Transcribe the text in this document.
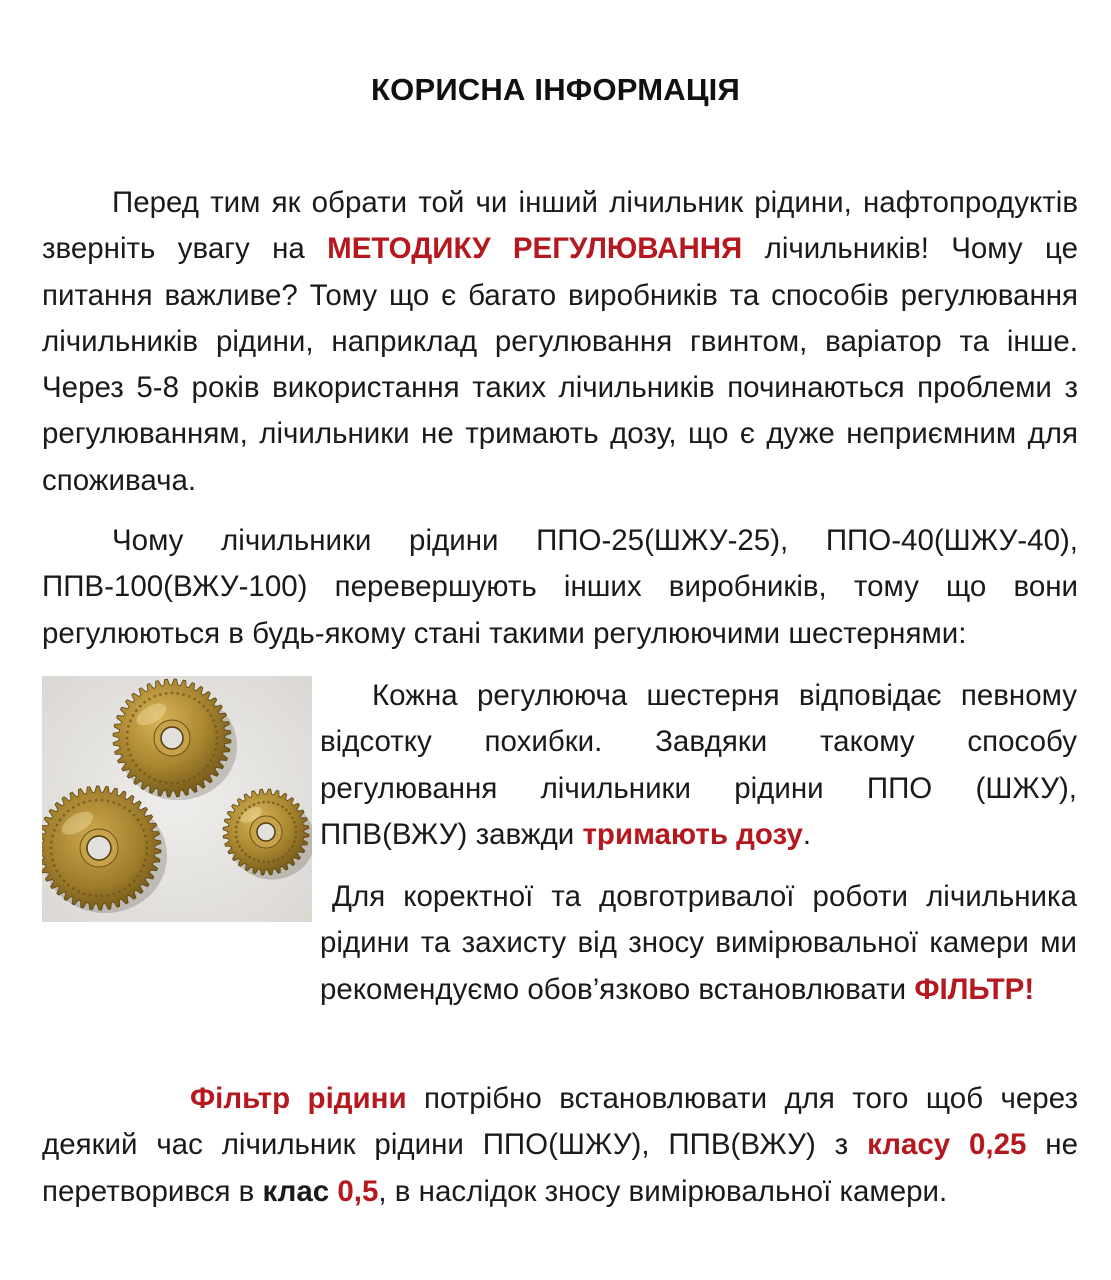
КОРИСНА ІНФОРМАЦІЯ

Перед тим як обрати той чи інший лічильник рідини, нафтопродуктів зверніть увагу на МЕТОДИКУ РЕГУЛЮВАННЯ лічильників! Чому це питання важливе? Тому що є багато виробників та способів регулювання лічильників рідини, наприклад регулювання гвинтом, варіатор та інше. Через 5-8 років використання таких лічильників починаються проблеми з регулюванням, лічильники не тримають дозу, що є дуже неприємним для споживача.

Чому лічильники рідини ППО-25(ШЖУ-25), ППО-40(ШЖУ-40), ППВ-100(ВЖУ-100) перевершують інших виробників, тому що вони регулюються в будь-якому стані такими регулюючими шестернями:

Кожна регулююча шестерня відповідає певному відсотку похибки. Завдяки такому способу регулювання лічильники рідини ППО (ШЖУ), ППВ(ВЖУ) завжди тримають дозу.

Для коректної та довготривалої роботи лічильника рідини та захисту від зносу вимірювальної камери ми рекомендуємо обов’язково встановлювати ФІЛЬТР!

Фільтр рідини потрібно встановлювати для того щоб через деякий час лічильник рідини ППО(ШЖУ), ППВ(ВЖУ) з класу 0,25 не перетворився в клас 0,5, в наслідок зносу вимірювальної камери.
